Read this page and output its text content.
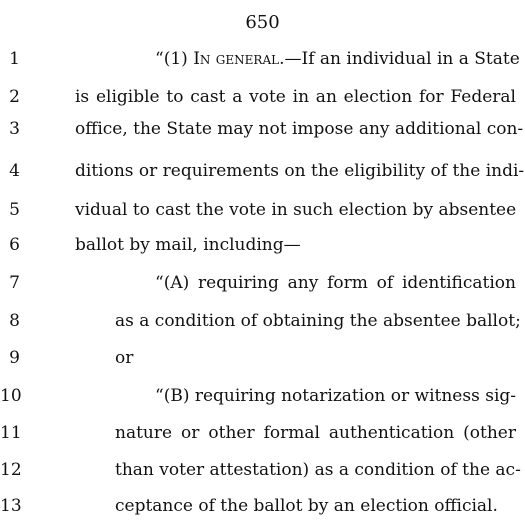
650
1	“(1) In general.—If an individual in a State
2	is eligible to cast a vote in an election for Federal
3	office, the State may not impose any additional con-
4	ditions or requirements on the eligibility of the indi-
5	vidual to cast the vote in such election by absentee
6	ballot by mail, including—
7	“(A) requiring any form of identification
8	as a condition of obtaining the absentee ballot;
9	or
10	“(B) requiring notarization or witness sig-
11	nature or other formal authentication (other
12	than voter attestation) as a condition of the ac-
13	ceptance of the ballot by an election official.
